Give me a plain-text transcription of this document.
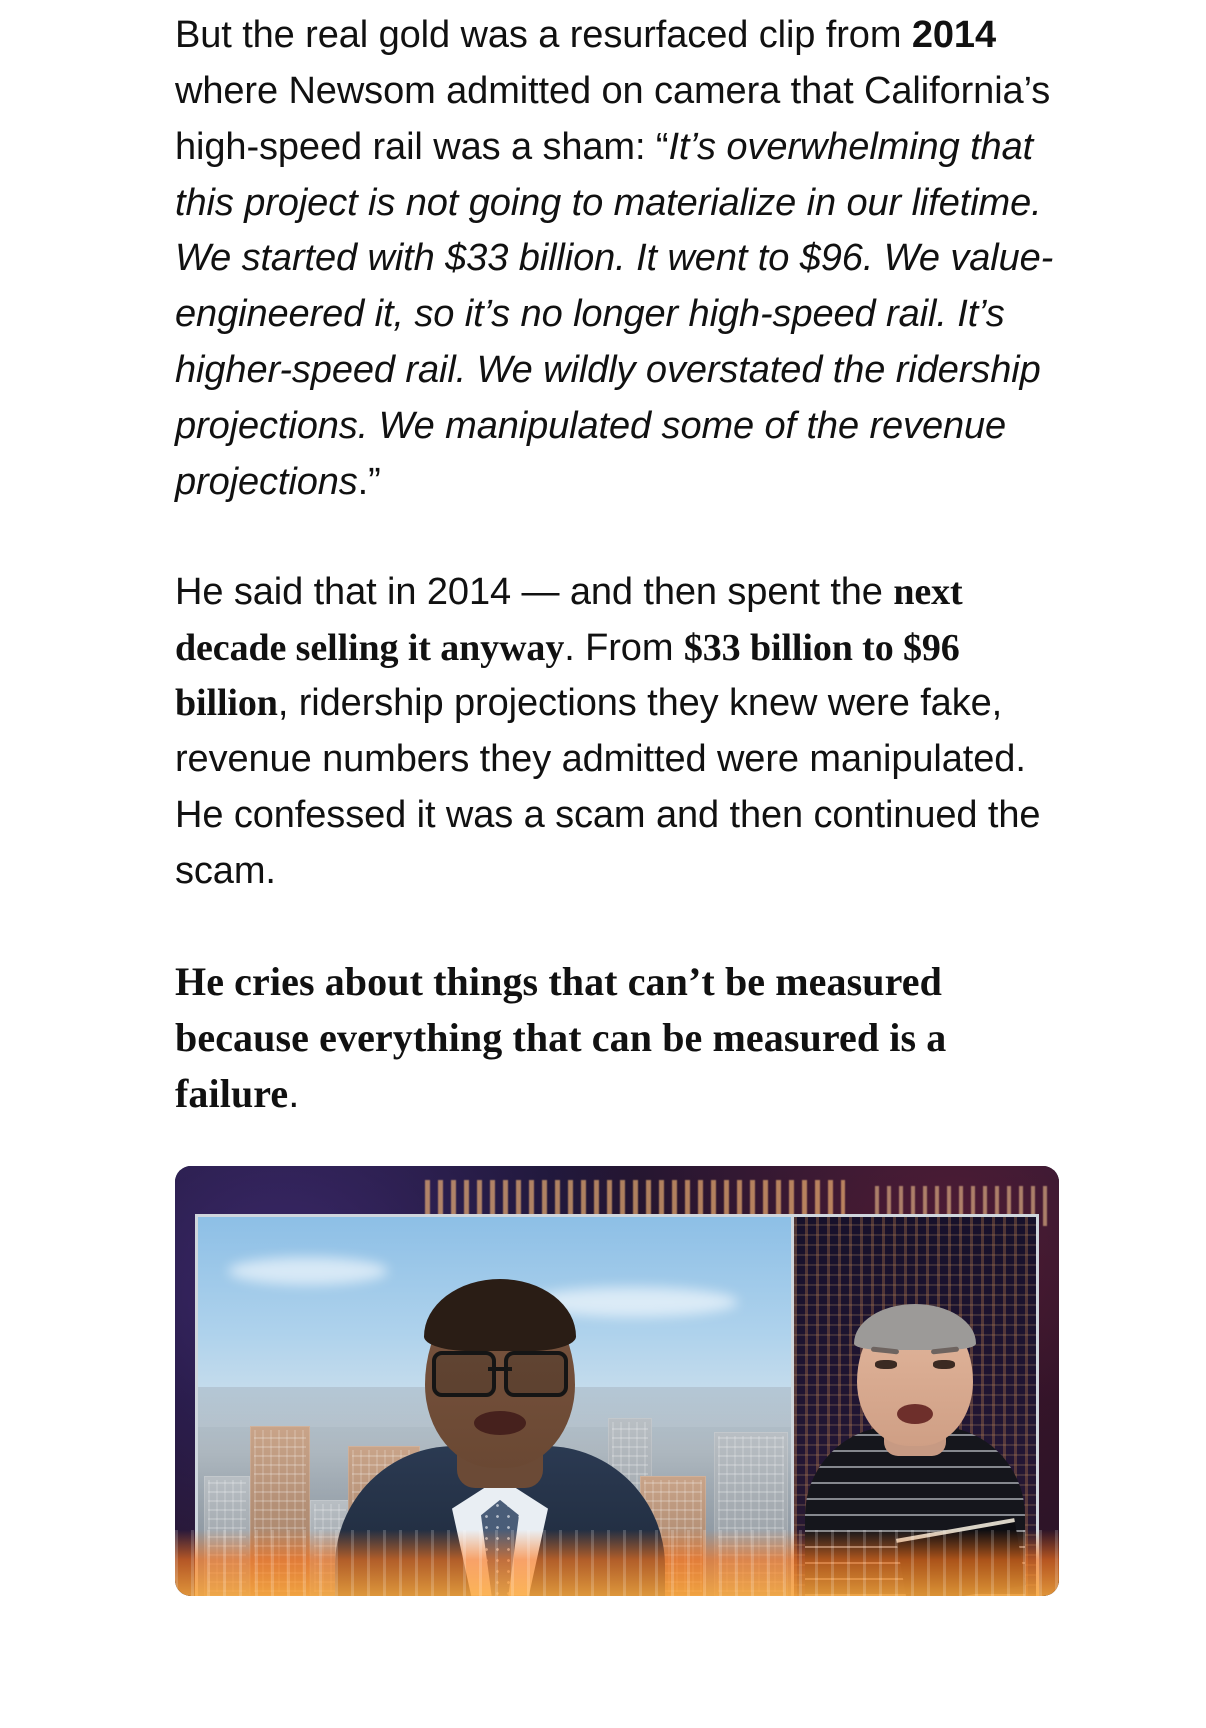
But the real gold was a resurfaced clip from 2014 where Newsom admitted on camera that California’s high-speed rail was a sham: “It’s overwhelming that this project is not going to materialize in our lifetime. We started with $33 billion. It went to $96. We value-engineered it, so it’s no longer high-speed rail. It’s higher-speed rail. We wildly overstated the ridership projections. We manipulated some of the revenue projections.”

He said that in 2014 — and then spent the next decade selling it anyway. From $33 billion to $96 billion, ridership projections they knew were fake, revenue numbers they admitted were manipulated. He confessed it was a scam and then continued the scam.

He cries about things that can’t be measured because everything that can be measured is a failure.
